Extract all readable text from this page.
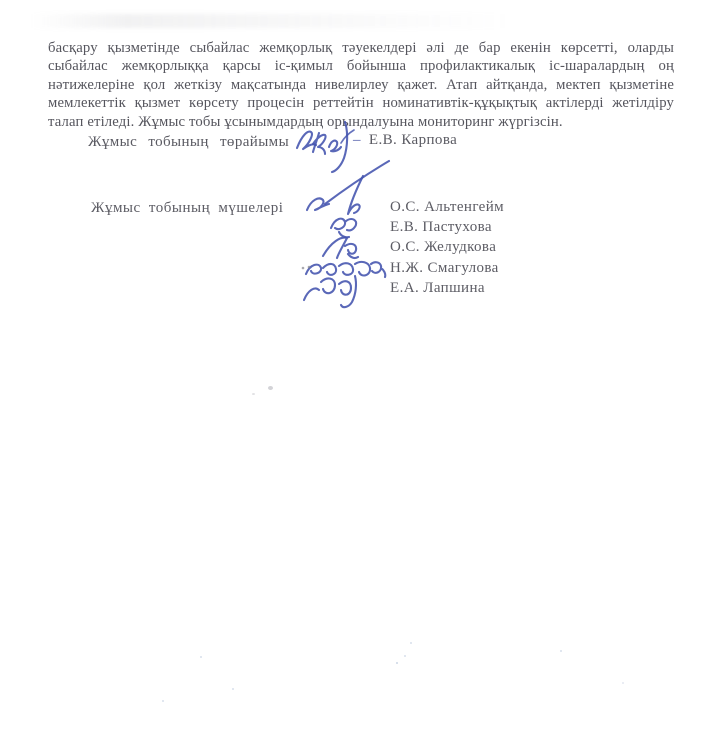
басқару қызметінде сыбайлас жемқорлық тәуекелдері әлі де бар екенін көрсетті, оларды
сыбайлас жемқорлыққа қарсы іс-қимыл бойынша профилактикалық іс-шаралардың оң
нәтижелеріне қол жеткізу мақсатында нивелирлеу қажет. Атап айтқанда, мектеп қызметіне
мемлекеттік қызмет көрсету процесін реттейтін номинативтік-құқықтық актілерді жетілдіру
талап етіледі. Жұмыс тобы ұсынымдардың орындалуына мониторинг жүргізсін.
Жұмыс тобының төрайымы	– Е.В. Карпова
Жұмыс тобының мүшелері	О.С. Альтенгейм
Е.В. Пастухова
О.С. Желудкова
Н.Ж. Смагулова
Е.А. Лапшина
